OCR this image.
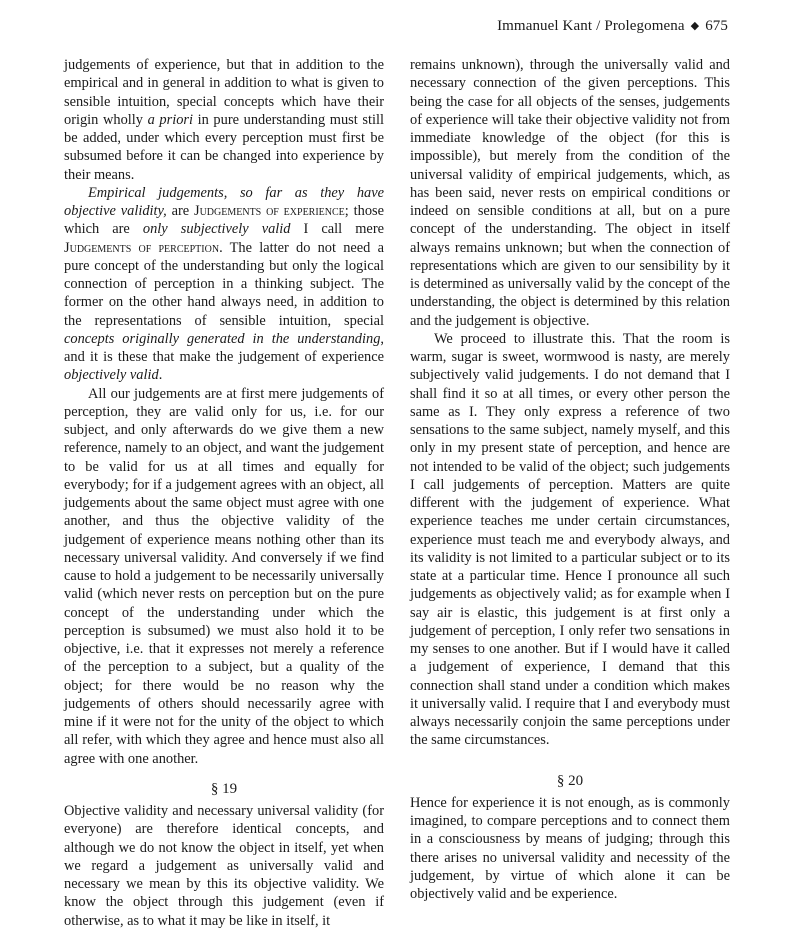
Immanuel Kant / Prolegomena ◆ 675

judgements of experience, but that in addition to the empirical and in general in addition to what is given to sensible intuition, special concepts which have their origin wholly a priori in pure understanding must still be added, under which every perception must first be subsumed before it can be changed into experience by their means.

Empirical judgements, so far as they have objective validity, are Judgements of experience; those which are only subjectively valid I call mere Judgements of perception. The latter do not need a pure concept of the understanding but only the logical connection of perception in a thinking subject. The former on the other hand always need, in addition to the representations of sensible intuition, special concepts originally generated in the understanding, and it is these that make the judgement of experience objectively valid.

All our judgements are at first mere judgements of perception, they are valid only for us, i.e. for our subject, and only afterwards do we give them a new reference, namely to an object, and want the judgement to be valid for us at all times and equally for everybody; for if a judgement agrees with an object, all judgements about the same object must agree with one another, and thus the objective validity of the judgement of experience means nothing other than its necessary universal validity. And conversely if we find cause to hold a judgement to be necessarily universally valid (which never rests on perception but on the pure concept of the understanding under which the perception is subsumed) we must also hold it to be objective, i.e. that it expresses not merely a reference of the perception to a subject, but a quality of the object; for there would be no reason why the judgements of others should necessarily agree with mine if it were not for the unity of the object to which all refer, with which they agree and hence must also all agree with one another.

§ 19

Objective validity and necessary universal validity (for everyone) are therefore identical concepts, and although we do not know the object in itself, yet when we regard a judgement as universally valid and necessary we mean by this its objective validity. We know the object through this judgement (even if otherwise, as to what it may be like in itself, it

remains unknown), through the universally valid and necessary connection of the given perceptions. This being the case for all objects of the senses, judgements of experience will take their objective validity not from immediate knowledge of the object (for this is impossible), but merely from the condition of the universal validity of empirical judgements, which, as has been said, never rests on empirical conditions or indeed on sensible conditions at all, but on a pure concept of the understanding. The object in itself always remains unknown; but when the connection of representations which are given to our sensibility by it is determined as universally valid by the concept of the understanding, the object is determined by this relation and the judgement is objective.

We proceed to illustrate this. That the room is warm, sugar is sweet, wormwood is nasty, are merely subjectively valid judgements. I do not demand that I shall find it so at all times, or every other person the same as I. They only express a reference of two sensations to the same subject, namely myself, and this only in my present state of perception, and hence are not intended to be valid of the object; such judgements I call judgements of perception. Matters are quite different with the judgement of experience. What experience teaches me under certain circumstances, experience must teach me and everybody always, and its validity is not limited to a particular subject or to its state at a particular time. Hence I pronounce all such judgements as objectively valid; as for example when I say air is elastic, this judgement is at first only a judgement of perception, I only refer two sensations in my senses to one another. But if I would have it called a judgement of experience, I demand that this connection shall stand under a condition which makes it universally valid. I require that I and everybody must always necessarily conjoin the same perceptions under the same circumstances.

§ 20

Hence for experience it is not enough, as is commonly imagined, to compare perceptions and to connect them in a consciousness by means of judging; through this there arises no universal validity and necessity of the judgement, by virtue of which alone it can be objectively valid and be experience.
